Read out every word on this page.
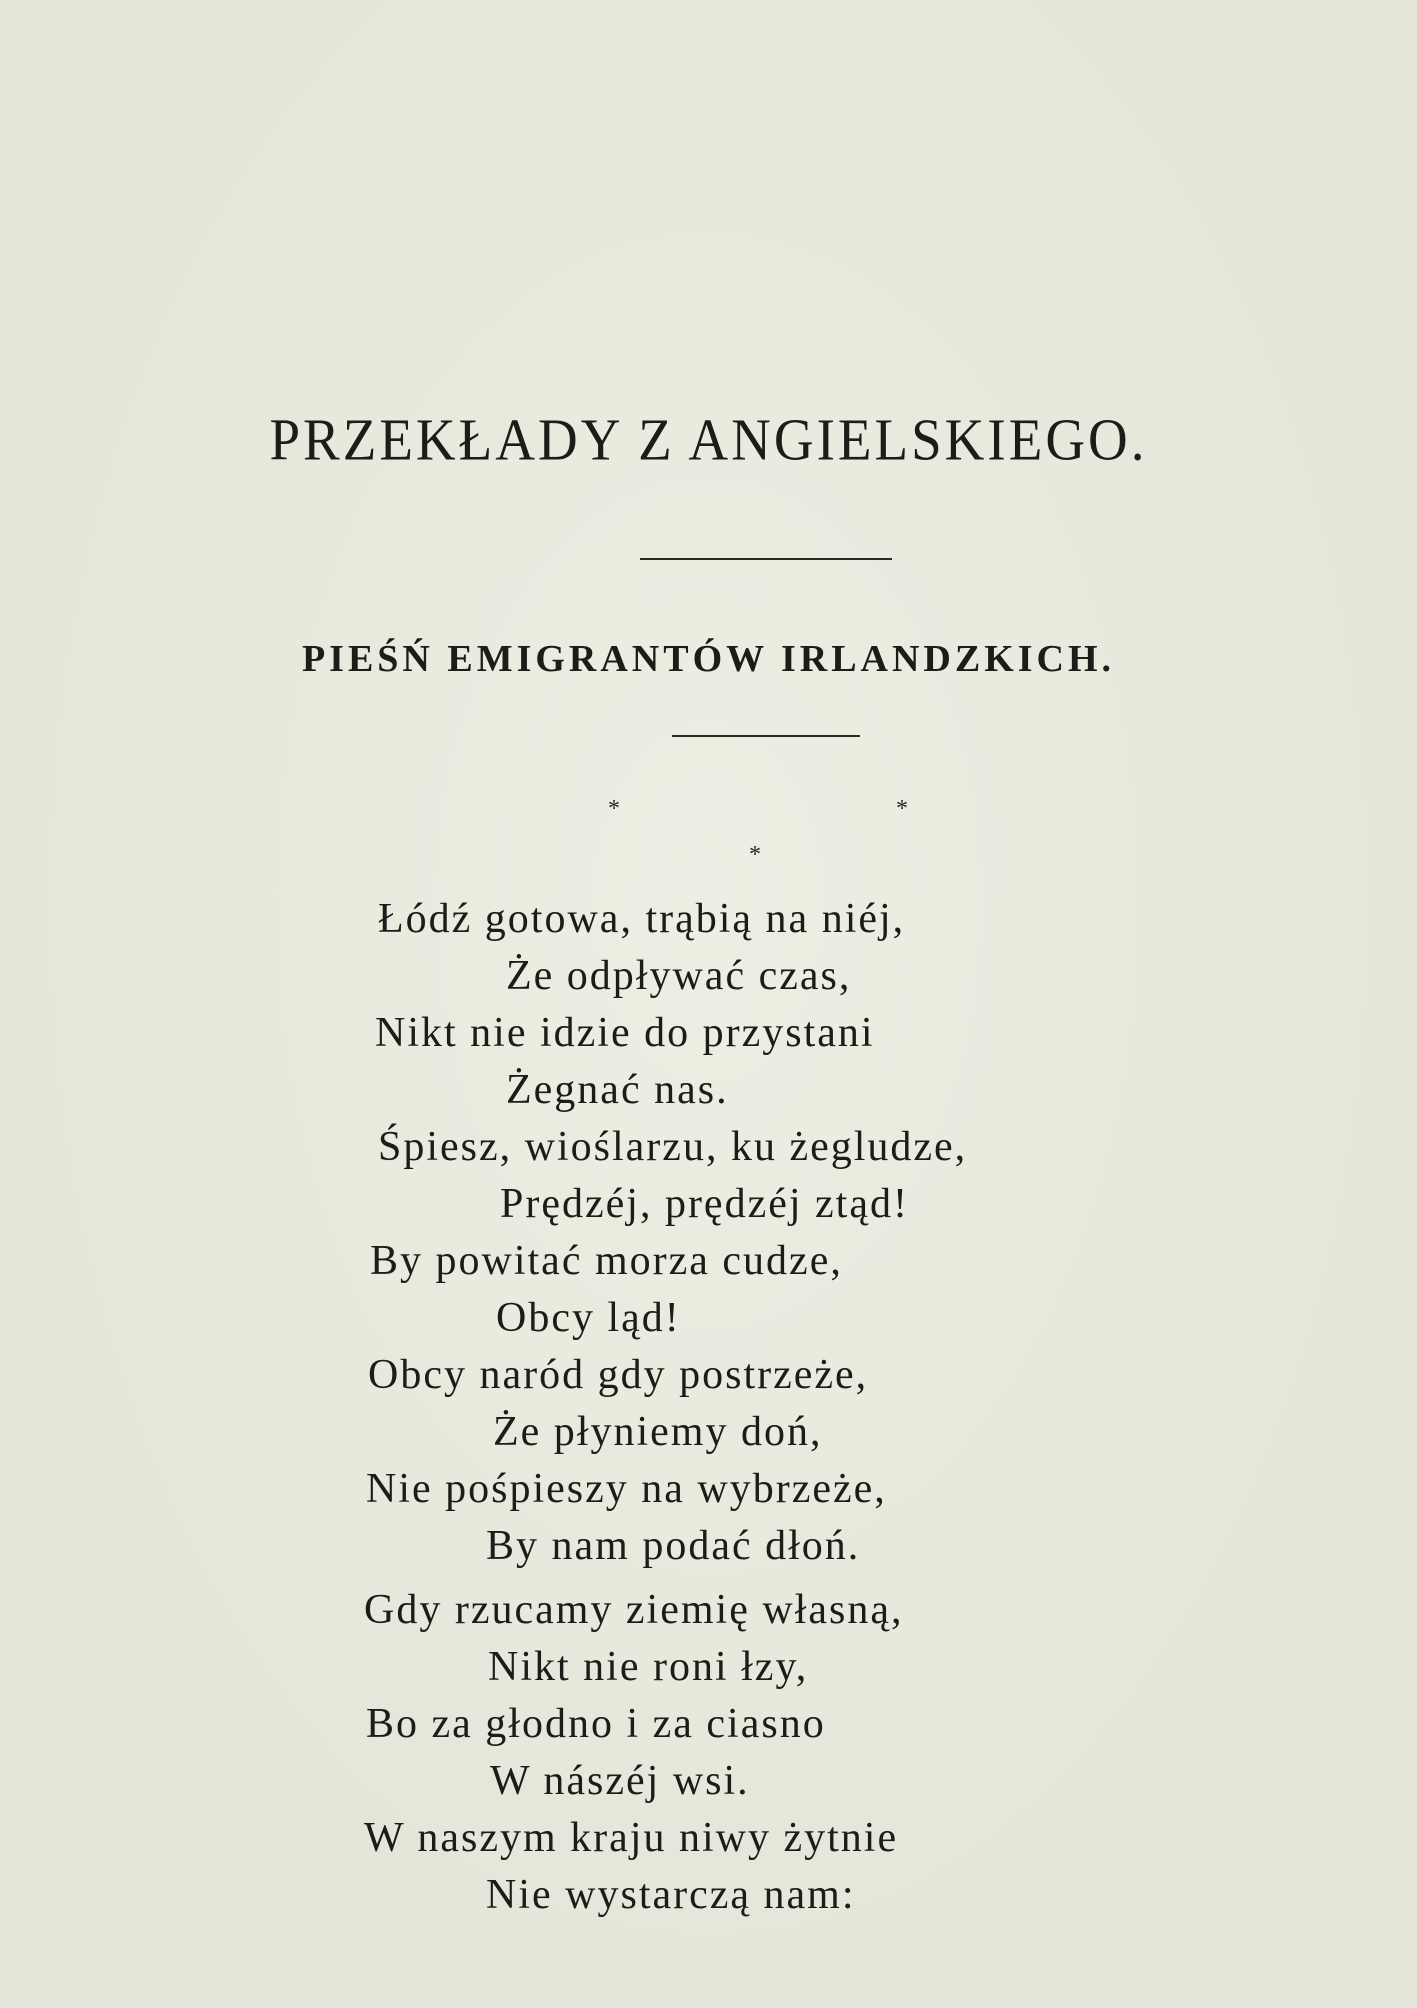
PRZEKŁADY Z ANGIELSKIEGO.
PIEŚŃ EMIGRANTÓW IRLANDZKICH.
*	*
*
Łódź gotowa, trąbią na niéj,
Że odpływać czas,
Nikt nie idzie do przystani
Żegnać nas.
Śpiesz, wioślarzu, ku żegludze,
Prędzéj, prędzéj ztąd!
By powitać morza cudze,
Obcy ląd!
Obcy naród gdy postrzeże,
Że płyniemy doń,
Nie pośpieszy na wybrzeże,
By nam podać dłoń.
Gdy rzucamy ziemię własną,
Nikt nie roni łzy,
Bo za głodno i za ciasno
W nászéj wsi.
W naszym kraju niwy żytnie
Nie wystarczą nam:
